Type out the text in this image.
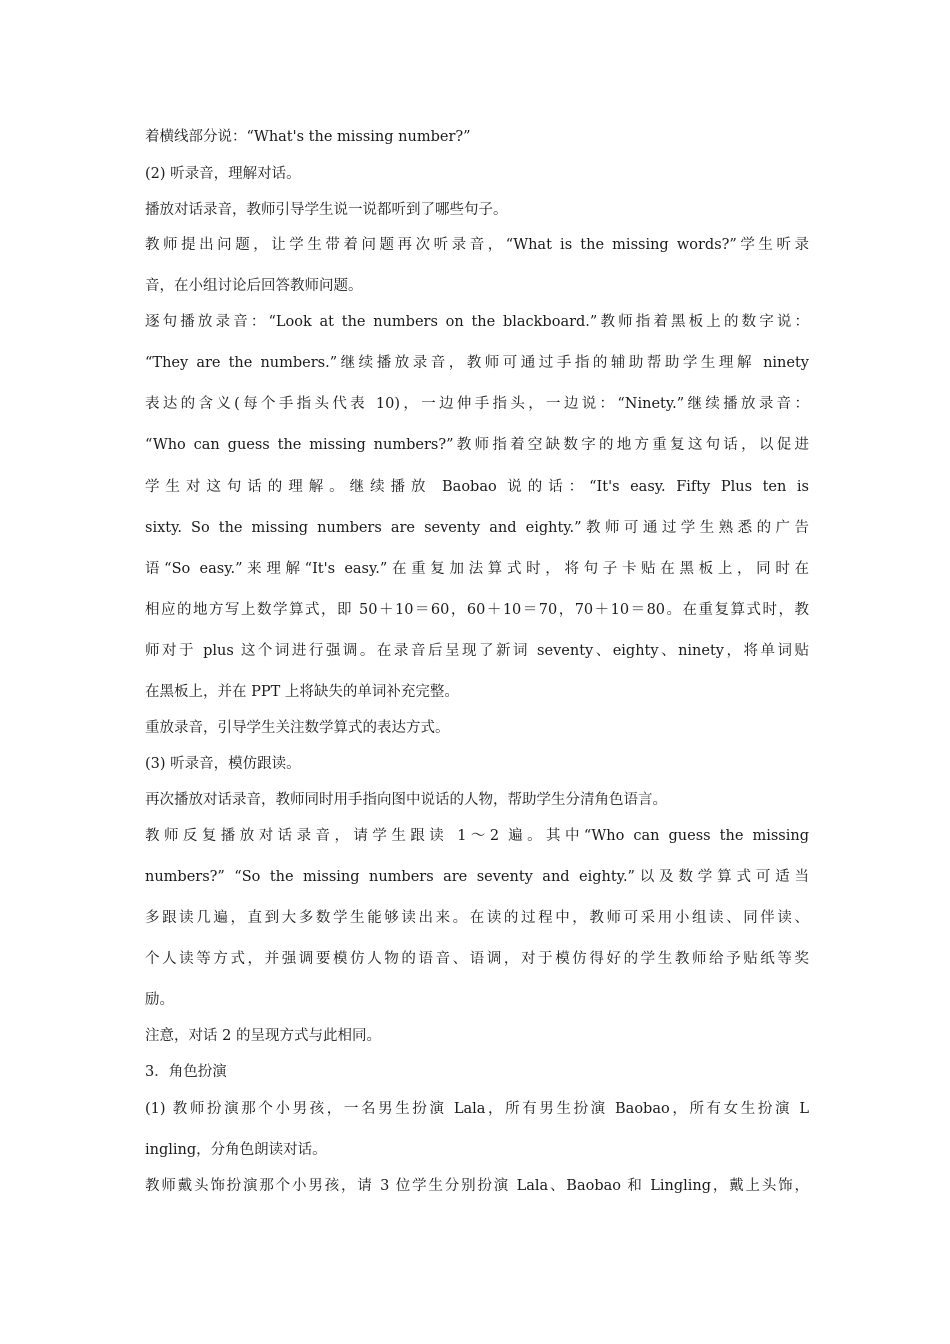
着横线部分说：“What's the missing number?”
(2) 听录音，理解对话。
播放对话录音，教师引导学生说一说都听到了哪些句子。
教师提出问题，让学生带着问题再次听录音，“What is the missing words?”学生听录
音，在小组讨论后回答教师问题。
逐句播放录音：“Look at the numbers on the blackboard.”教师指着黑板上的数字说：
“They are the numbers.”继续播放录音，教师可通过手指的辅助帮助学生理解 ninety
表达的含义(每个手指头代表 10)，一边伸手指头，一边说：“Ninety.”继续播放录音：
“Who can guess the missing numbers?”教师指着空缺数字的地方重复这句话，以促进
学生对这句话的理解。继续播放 Baobao 说的话：“It's easy. Fifty Plus ten is
sixty. So the missing numbers are seventy and eighty.”教师可通过学生熟悉的广告
语“So easy.”来理解“It's easy.”在重复加法算式时，将句子卡贴在黑板上，同时在
相应的地方写上数学算式，即 50＋10＝60，60＋10＝70，70＋10＝80。在重复算式时，教
师对于 plus 这个词进行强调。在录音后呈现了新词 seventy、eighty、ninety，将单词贴
在黑板上，并在 PPT 上将缺失的单词补充完整。
重放录音，引导学生关注数学算式的表达方式。
(3) 听录音，模仿跟读。
再次播放对话录音，教师同时用手指向图中说话的人物，帮助学生分清角色语言。
教师反复播放对话录音，请学生跟读 1～2 遍。其中“Who can guess the missing
numbers?” “So the missing numbers are seventy and eighty.”以及数学算式可适当
多跟读几遍，直到大多数学生能够读出来。在读的过程中，教师可采用小组读、同伴读、
个人读等方式，并强调要模仿人物的语音、语调，对于模仿得好的学生教师给予贴纸等奖
励。
注意，对话 2 的呈现方式与此相同。
3．角色扮演
(1) 教师扮演那个小男孩，一名男生扮演 Lala，所有男生扮演 Baobao，所有女生扮演 L
ingling，分角色朗读对话。
教师戴头饰扮演那个小男孩，请 3 位学生分别扮演 Lala、Baobao 和 Lingling，戴上头饰，
